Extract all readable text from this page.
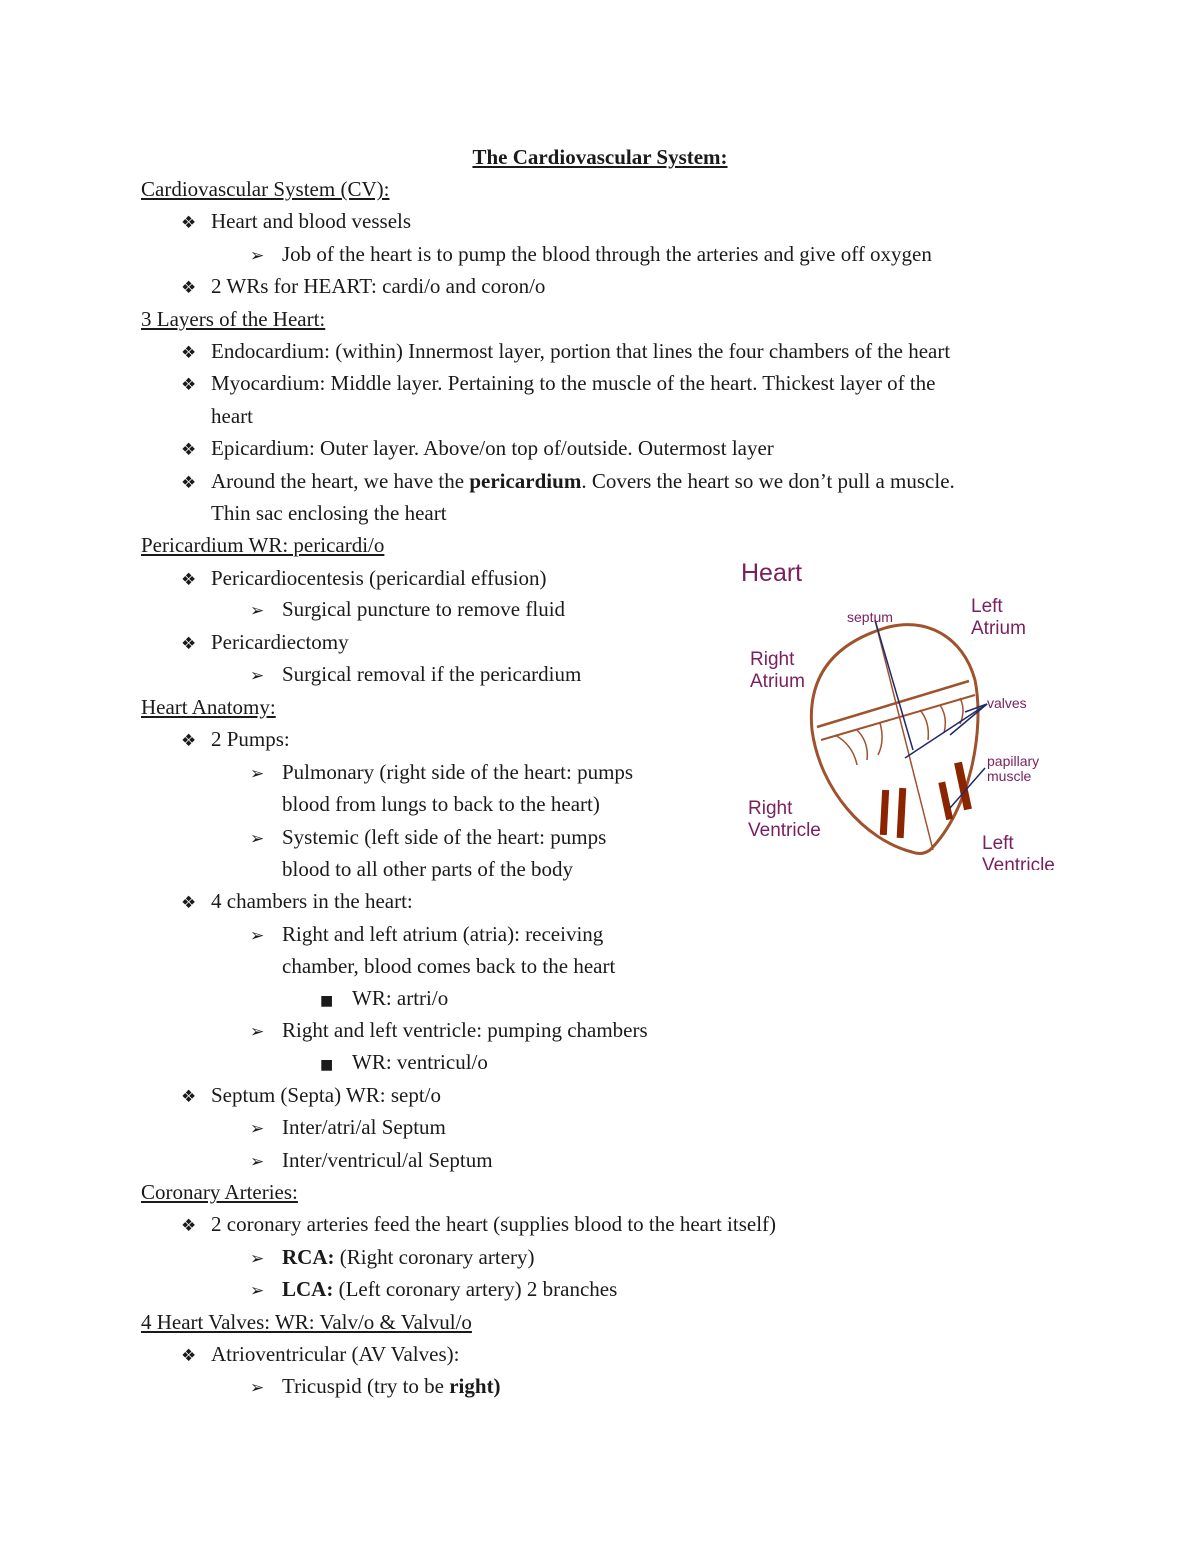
The Cardiovascular System:
Cardiovascular System (CV):
❖ Heart and blood vessels
➢ Job of the heart is to pump the blood through the arteries and give off oxygen
❖ 2 WRs for HEART: cardi/o and coron/o
3 Layers of the Heart:
❖ Endocardium: (within) Innermost layer, portion that lines the four chambers of the heart
❖ Myocardium: Middle layer. Pertaining to the muscle of the heart. Thickest layer of the
heart
❖ Epicardium: Outer layer. Above/on top of/outside. Outermost layer
❖ Around the heart, we have the pericardium. Covers the heart so we don’t pull a muscle.
Thin sac enclosing the heart
Pericardium WR: pericardi/o
❖ Pericardiocentesis (pericardial effusion)
➢ Surgical puncture to remove fluid
❖ Pericardiectomy
➢ Surgical removal if the pericardium
Heart Anatomy:
❖ 2 Pumps:
➢ Pulmonary (right side of the heart: pumps
blood from lungs to back to the heart)
➢ Systemic (left side of the heart: pumps
blood to all other parts of the body
❖ 4 chambers in the heart:
➢ Right and left atrium (atria): receiving
chamber, blood comes back to the heart
■ WR: artri/o
➢ Right and left ventricle: pumping chambers
■ WR: ventricul/o
❖ Septum (Septa) WR: sept/o
➢ Inter/atri/al Septum
➢ Inter/ventricul/al Septum
Coronary Arteries:
❖ 2 coronary arteries feed the heart (supplies blood to the heart itself)
➢ RCA: (Right coronary artery)
➢ LCA: (Left coronary artery) 2 branches
4 Heart Valves: WR: Valv/o & Valvul/o
❖ Atrioventricular (AV Valves):
➢ Tricuspid (try to be right)
Heart
septum	Left
Atrium
Right
Atrium
valves
papillary
muscle
Right
Ventricle
Left
Ventricle
